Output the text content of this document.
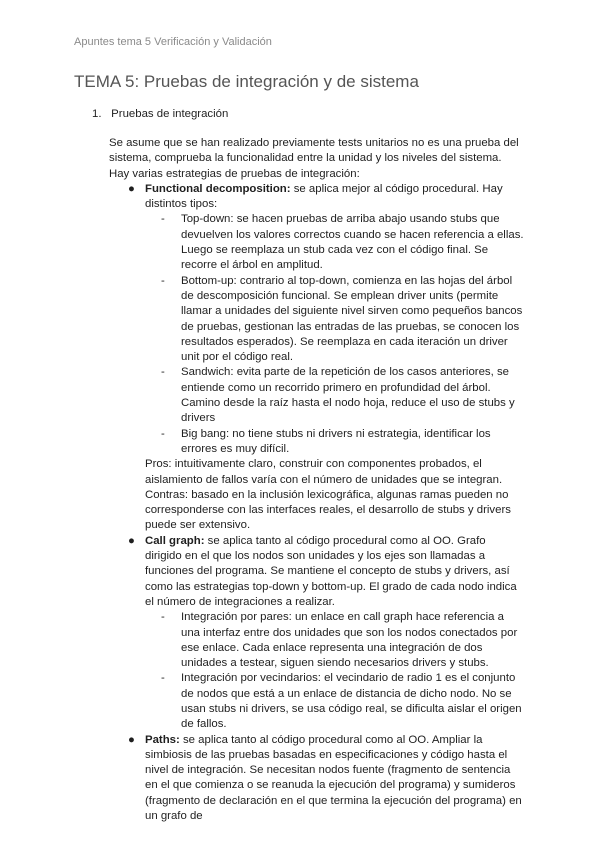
Apuntes tema 5 Verificación y Validación
TEMA 5: Pruebas de integración y de sistema
1. Pruebas de integración

Se asume que se han realizado previamente tests unitarios no es una prueba del sistema, comprueba la funcionalidad entre la unidad y los niveles del sistema.

Hay varias estrategias de pruebas de integración:

● Functional decomposition: se aplica mejor al código procedural. Hay distintos tipos:
- Top-down: se hacen pruebas de arriba abajo usando stubs que devuelven los valores correctos cuando se hacen referencia a ellas. Luego se reemplaza un stub cada vez con el código final. Se recorre el árbol en amplitud.
- Bottom-up: contrario al top-down, comienza en las hojas del árbol de descomposición funcional. Se emplean driver units (permite llamar a unidades del siguiente nivel sirven como pequeños bancos de pruebas, gestionan las entradas de las pruebas, se conocen los resultados esperados). Se reemplaza en cada iteración un driver unit por el código real.
- Sandwich: evita parte de la repetición de los casos anteriores, se entiende como un recorrido primero en profundidad del árbol. Camino desde la raíz hasta el nodo hoja, reduce el uso de stubs y drivers
- Big bang: no tiene stubs ni drivers ni estrategia, identificar los errores es muy difícil.

Pros: intuitivamente claro, construir con componentes probados, el aislamiento de fallos varía con el número de unidades que se integran.

Contras: basado en la inclusión lexicográfica, algunas ramas pueden no corresponderse con las interfaces reales, el desarrollo de stubs y drivers puede ser extensivo.

● Call graph: se aplica tanto al código procedural como al OO. Grafo dirigido en el que los nodos son unidades y los ejes son llamadas a funciones del programa. Se mantiene el concepto de stubs y drivers, así como las estrategias top-down y bottom-up. El grado de cada nodo indica el número de integraciones a realizar.
- Integración por pares: un enlace en call graph hace referencia a una interfaz entre dos unidades que son los nodos conectados por ese enlace. Cada enlace representa una integración de dos unidades a testear, siguen siendo necesarios drivers y stubs.
- Integración por vecindarios: el vecindario de radio 1 es el conjunto de nodos que está a un enlace de distancia de dicho nodo. No se usan stubs ni drivers, se usa código real, se dificulta aislar el origen de fallos.
● Paths: se aplica tanto al código procedural como al OO. Ampliar la simbiosis de las pruebas basadas en especificaciones y código hasta el nivel de integración. Se necesitan nodos fuente (fragmento de sentencia en el que comienza o se reanuda la ejecución del programa) y sumideros (fragmento de declaración en el que termina la ejecución del programa) en un grafo de
